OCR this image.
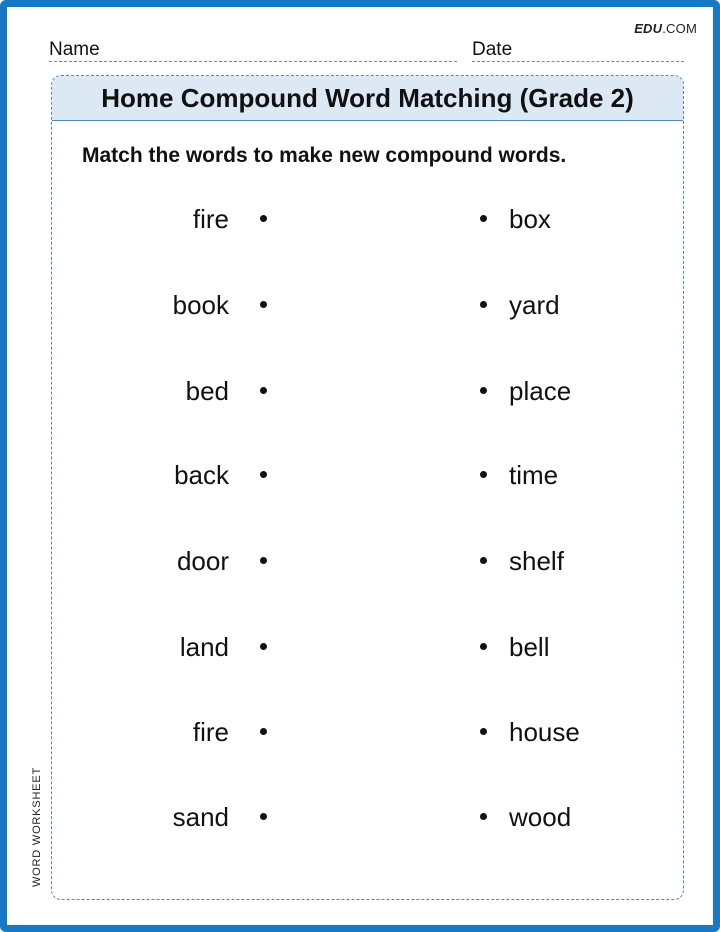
EDU.COM
Name	Date
Home Compound Word Matching (Grade 2)
Match the words to make new compound words.
fire	box
book	yard
bed	place
back	time
door	shelf
land	bell
fire	house
sand	wood
WORD WORKSHEET
